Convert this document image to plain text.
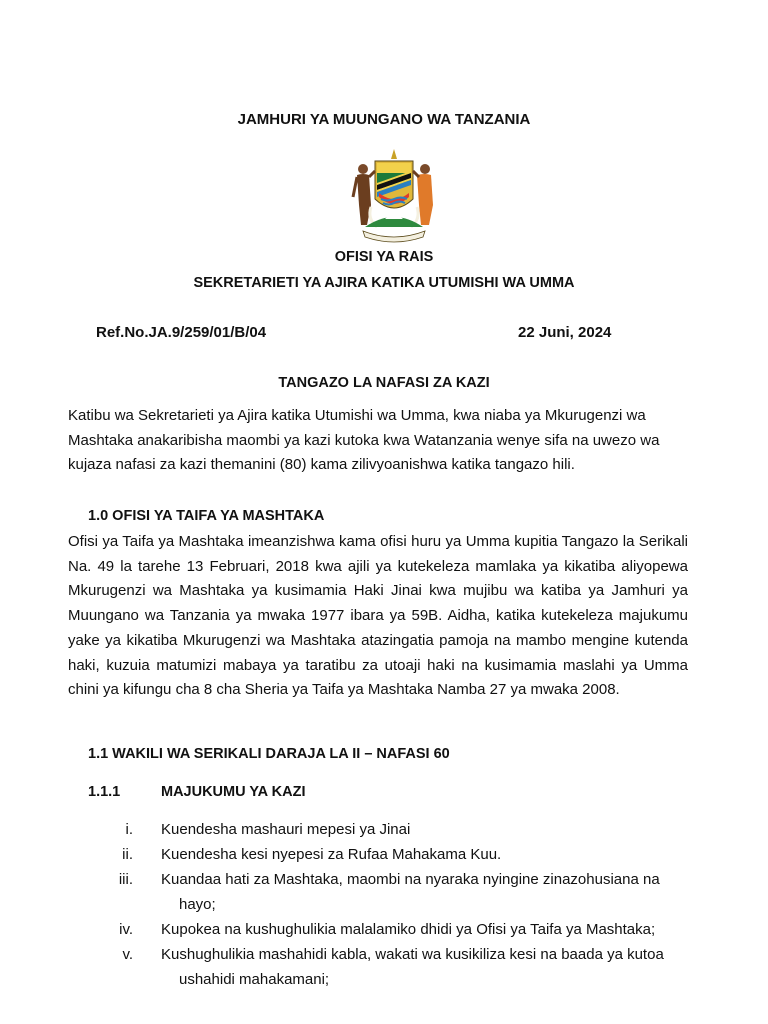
JAMHURI YA MUUNGANO WA TANZANIA
OFISI YA RAIS
SEKRETARIETI YA AJIRA KATIKA UTUMISHI WA UMMA
Ref.No.JA.9/259/01/B/04	22 Juni, 2024
TANGAZO LA NAFASI ZA KAZI

Katibu wa Sekretarieti ya Ajira katika Utumishi wa Umma, kwa niaba ya Mkurugenzi wa Mashtaka anakaribisha maombi ya kazi kutoka kwa Watanzania wenye sifa na uwezo wa kujaza nafasi za kazi themanini (80) kama zilivyoanishwa katika tangazo hili.

1.0 OFISI YA TAIFA YA MASHTAKA

Ofisi ya Taifa ya Mashtaka imeanzishwa kama ofisi huru ya Umma kupitia Tangazo la Serikali Na. 49 la tarehe 13 Februari, 2018 kwa ajili ya kutekeleza mamlaka ya kikatiba aliyopewa Mkurugenzi wa Mashtaka ya kusimamia Haki Jinai kwa mujibu wa katiba ya Jamhuri ya Muungano wa Tanzania ya mwaka 1977 ibara ya 59B. Aidha, katika kutekeleza majukumu yake ya kikatiba Mkurugenzi wa Mashtaka atazingatia pamoja na mambo mengine kutenda haki, kuzuia matumizi mabaya ya taratibu za utoaji haki na kusimamia maslahi ya Umma chini ya kifungu cha 8 cha Sheria ya Taifa ya Mashtaka Namba 27 ya mwaka 2008.

1.1 WAKILI WA SERIKALI DARAJA LA II – NAFASI 60
1.1.1	MAJUKUMU YA KAZI
i. Kuendesha mashauri mepesi ya Jinai
ii. Kuendesha kesi nyepesi za Rufaa Mahakama Kuu.
iii. Kuandaa hati za Mashtaka, maombi na nyaraka nyingine zinazohusiana na
hayo;
iv. Kupokea na kushughulikia malalamiko dhidi ya Ofisi ya Taifa ya Mashtaka;
v. Kushughulikia mashahidi kabla, wakati wa kusikiliza kesi na baada ya kutoa
ushahidi mahakamani;
